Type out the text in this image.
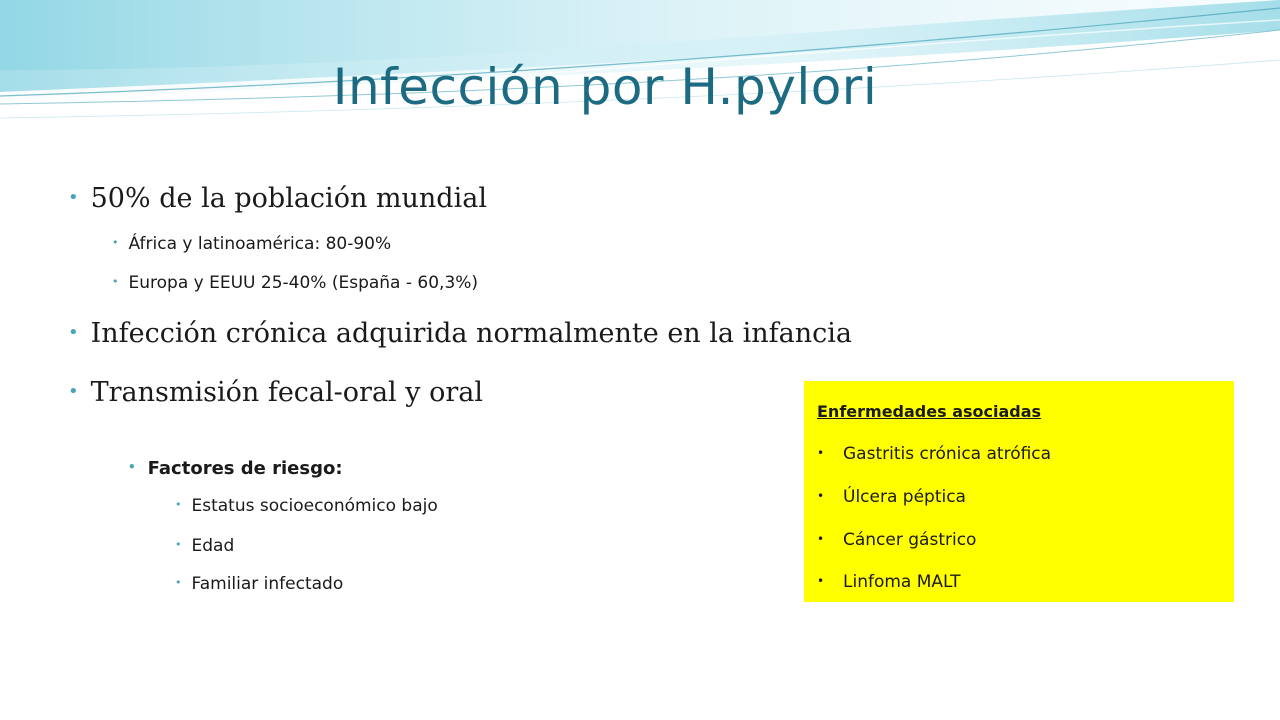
Infección por H.pylori
• 50% de la población mundial
• África y latinoamérica: 80-90%
• Europa y EEUU 25-40% (España - 60,3%)
• Infección crónica adquirida normalmente en la infancia
• Transmisión fecal-oral y oral
• Factores de riesgo:
• Estatus socioeconómico bajo
• Edad
• Familiar infectado
Enfermedades asociadas
• Gastritis crónica atrófica
• Úlcera péptica
• Cáncer gástrico
• Linfoma MALT
